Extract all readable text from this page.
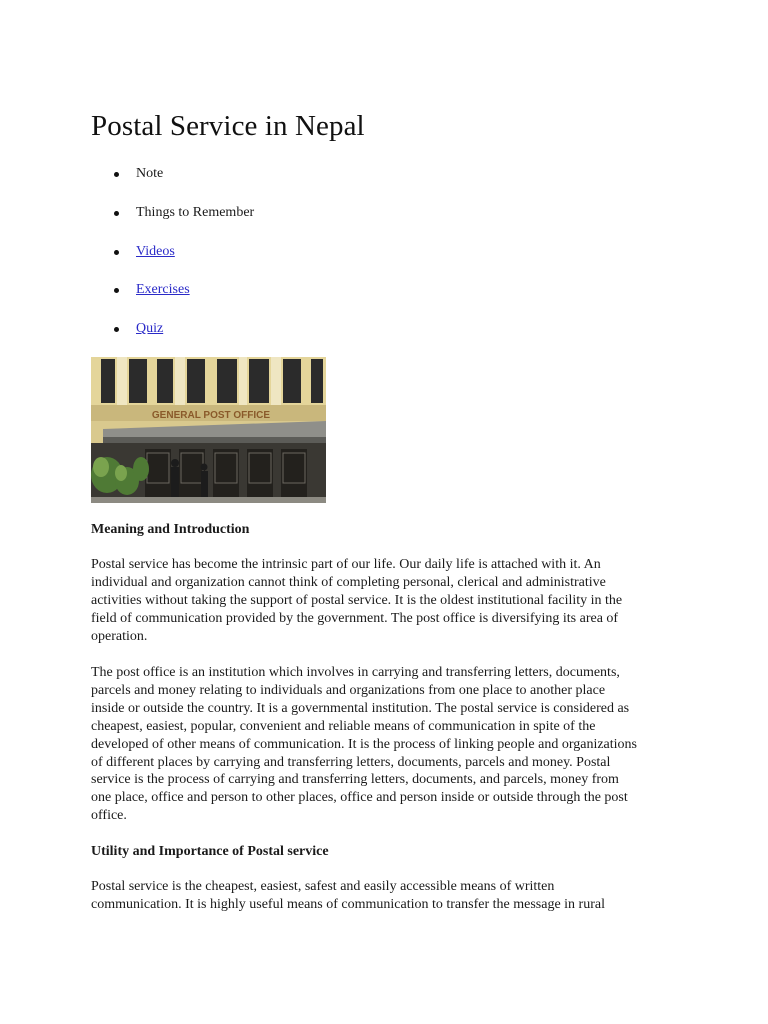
Postal Service in Nepal
Note
Things to Remember
Videos
Exercises
Quiz
GENERAL POST OFFICE
Meaning and Introduction

Postal service has become the intrinsic part of our life. Our daily life is attached with it. An
individual and organization cannot think of completing personal, clerical and administrative
activities without taking the support of postal service. It is the oldest institutional facility in the
field of communication provided by the government. The post office is diversifying its area of
operation.

The post office is an institution which involves in carrying and transferring letters, documents,
parcels and money relating to individuals and organizations from one place to another place
inside or outside the country. It is a governmental institution. The postal service is considered as
cheapest, easiest, popular, convenient and reliable means of communication in spite of the
developed of other means of communication. It is the process of linking people and organizations
of different places by carrying and transferring letters, documents, parcels and money. Postal
service is the process of carrying and transferring letters, documents, and parcels, money from
one place, office and person to other places, office and person inside or outside through the post
office.

Utility and Importance of Postal service

Postal service is the cheapest, easiest, safest and easily accessible means of written
communication. It is highly useful means of communication to transfer the message in rural
